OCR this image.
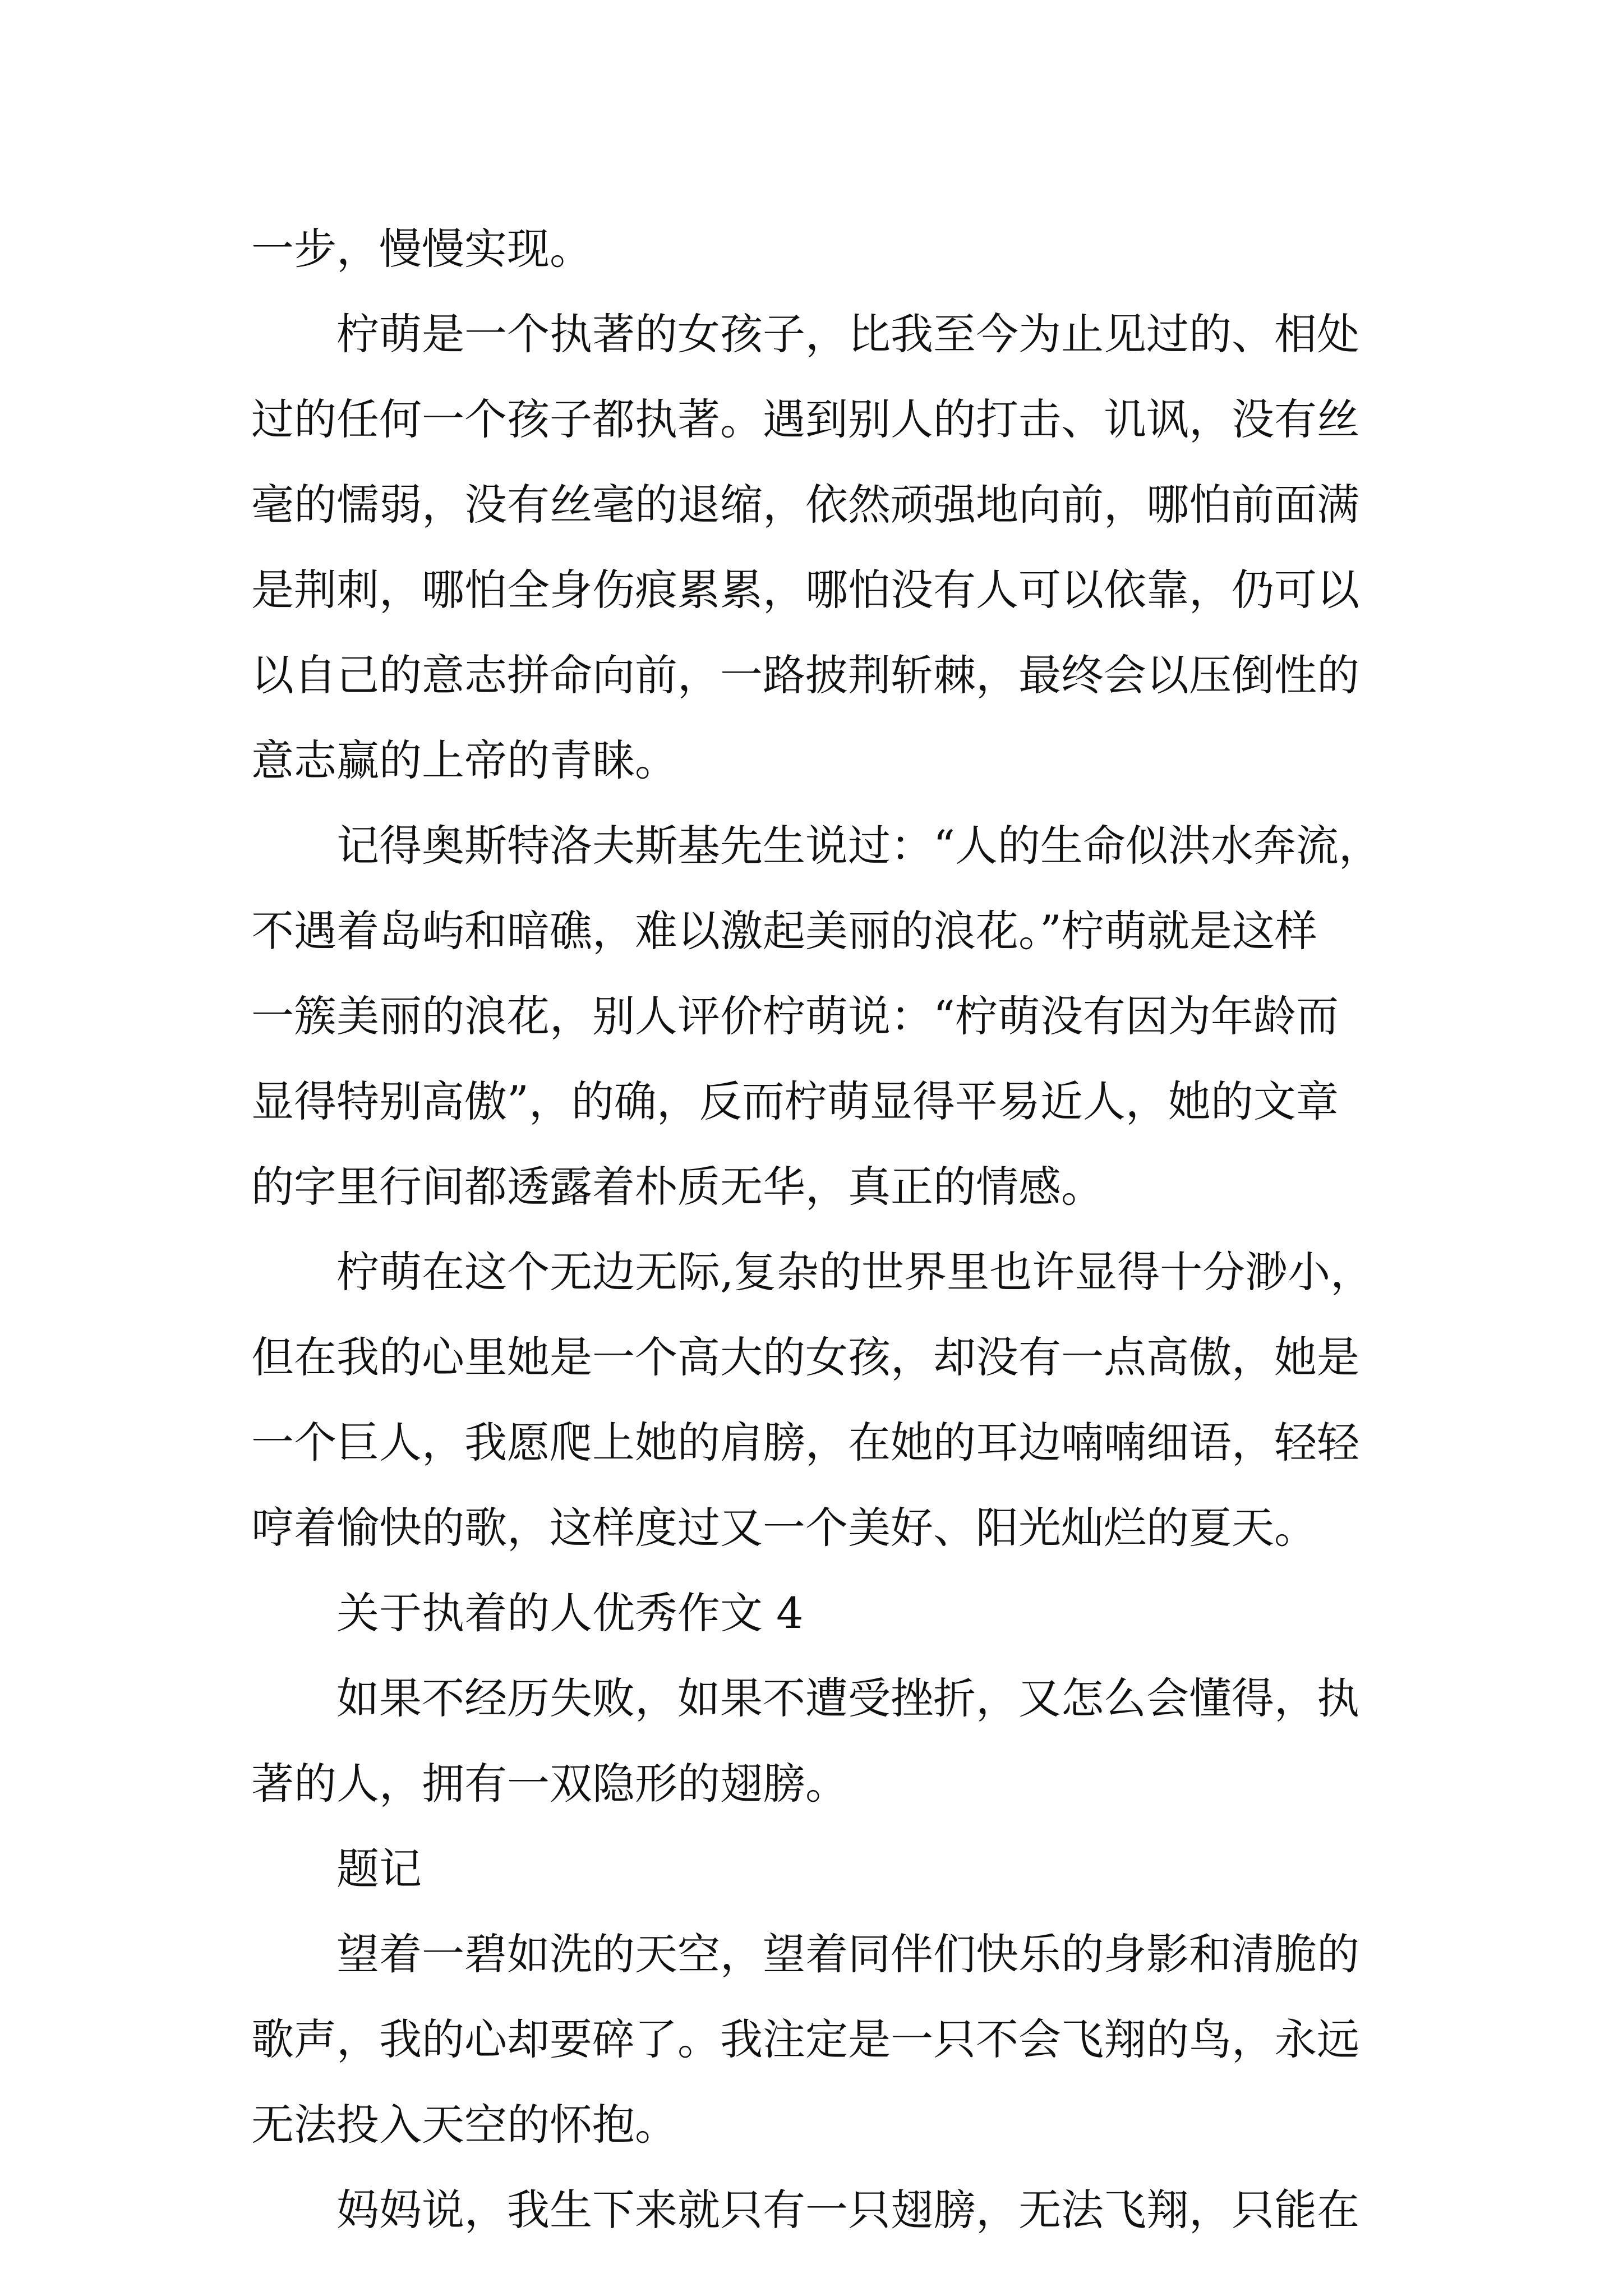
一步，慢慢实现。
柠萌是一个执著的女孩子，比我至今为止见过的、相处
过的任何一个孩子都执著。遇到别人的打击、讥讽，没有丝
毫的懦弱，没有丝毫的退缩，依然顽强地向前，哪怕前面满
是荆刺，哪怕全身伤痕累累，哪怕没有人可以依靠，仍可以
以自己的意志拼命向前，一路披荆斩棘，最终会以压倒性的
意志赢的上帝的青睐。
记得奥斯特洛夫斯基先生说过：“人的生命似洪水奔流，
不遇着岛屿和暗礁，难以激起美丽的浪花。”柠萌就是这样
一簇美丽的浪花，别人评价柠萌说：“柠萌没有因为年龄而
显得特别高傲”，的确，反而柠萌显得平易近人，她的文章
的字里行间都透露着朴质无华，真正的情感。
柠萌在这个无边无际,复杂的世界里也许显得十分渺小，
但在我的心里她是一个高大的女孩，却没有一点高傲，她是
一个巨人，我愿爬上她的肩膀，在她的耳边喃喃细语，轻轻
哼着愉快的歌，这样度过又一个美好、阳光灿烂的夏天。
关于执着的人优秀作文 4
如果不经历失败，如果不遭受挫折，又怎么会懂得，执
著的人，拥有一双隐形的翅膀。
题记
望着一碧如洗的天空，望着同伴们快乐的身影和清脆的
歌声，我的心却要碎了。我注定是一只不会飞翔的鸟，永远
无法投入天空的怀抱。
妈妈说，我生下来就只有一只翅膀，无法飞翔，只能在
